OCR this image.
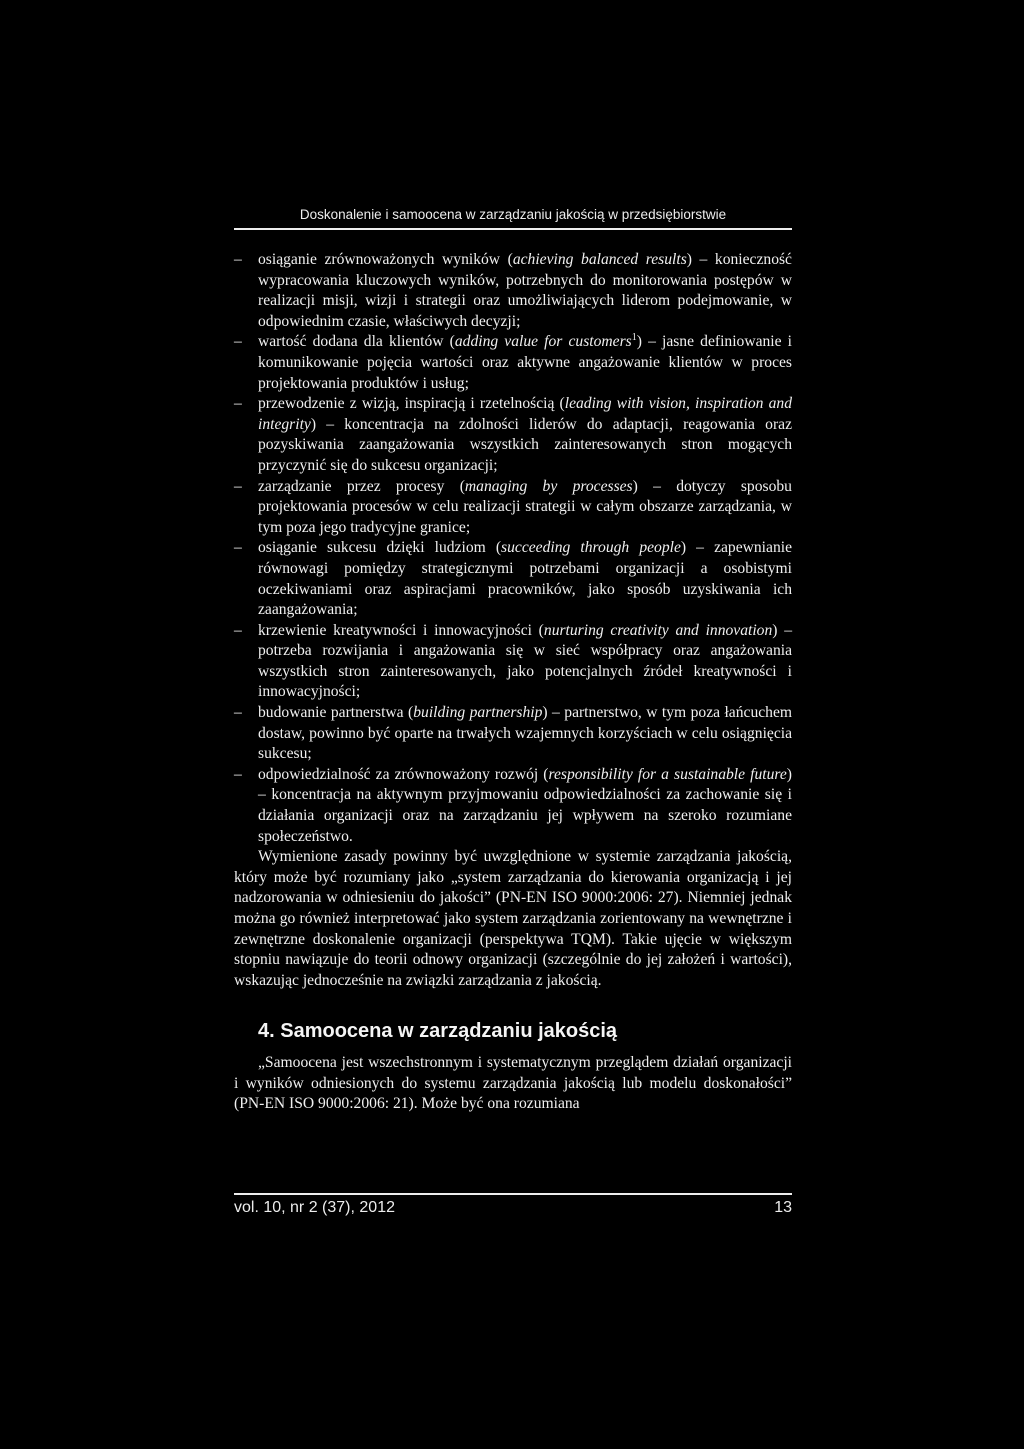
Doskonalenie i samoocena w zarządzaniu jakością w przedsiębiorstwie
– osiąganie zrównoważonych wyników (achieving balanced results) – konieczność wypracowania kluczowych wyników, potrzebnych do monitorowania postępów w realizacji misji, wizji i strategii oraz umożliwiających liderom podejmowanie, w odpowiednim czasie, właściwych decyzji;
– wartość dodana dla klientów (adding value for customers$^1$) – jasne definiowanie i komunikowanie pojęcia wartości oraz aktywne angażowanie klientów w proces projektowania produktów i usług;
– przewodzenie z wizją, inspiracją i rzetelnością (leading with vision, inspiration and integrity) – koncentracja na zdolności liderów do adaptacji, reagowania oraz pozyskiwania zaangażowania wszystkich zainteresowanych stron mogących przyczynić się do sukcesu organizacji;
– zarządzanie przez procesy (managing by processes) – dotyczy sposobu projektowania procesów w celu realizacji strategii w całym obszarze zarządzania, w tym poza jego tradycyjne granice;
– osiąganie sukcesu dzięki ludziom (succeeding through people) – zapewnianie równowagi pomiędzy strategicznymi potrzebami organizacji a osobistymi oczekiwaniami oraz aspiracjami pracowników, jako sposób uzyskiwania ich zaangażowania;
– krzewienie kreatywności i innowacyjności (nurturing creativity and innovation) – potrzeba rozwijania i angażowania się w sieć współpracy oraz angażowania wszystkich stron zainteresowanych, jako potencjalnych źródeł kreatywności i innowacyjności;
– budowanie partnerstwa (building partnership) – partnerstwo, w tym poza łańcuchem dostaw, powinno być oparte na trwałych wzajemnych korzyściach w celu osiągnięcia sukcesu;
– odpowiedzialność za zrównoważony rozwój (responsibility for a sustainable future) – koncentracja na aktywnym przyjmowaniu odpowiedzialności za zachowanie się i działania organizacji oraz na zarządzaniu jej wpływem na szeroko rozumiane społeczeństwo.

Wymienione zasady powinny być uwzględnione w systemie zarządzania jakością, który może być rozumiany jako „system zarządzania do kierowania organizacją i jej nadzorowania w odniesieniu do jakości” (PN-EN ISO 9000:2006: 27). Niemniej jednak można go również interpretować jako system zarządzania zorientowany na wewnętrzne i zewnętrzne doskonalenie organizacji (perspektywa TQM). Takie ujęcie w większym stopniu nawiązuje do teorii odnowy organizacji (szczególnie do jej założeń i wartości), wskazując jednocześnie na związki zarządzania z jakością.

4. Samoocena w zarządzaniu jakością

„Samoocena jest wszechstronnym i systematycznym przeglądem działań organizacji i wyników odniesionych do systemu zarządzania jakością lub modelu doskonałości” (PN-EN ISO 9000:2006: 21). Może być ona rozumiana

vol. 10, nr 2 (37), 2012	13
